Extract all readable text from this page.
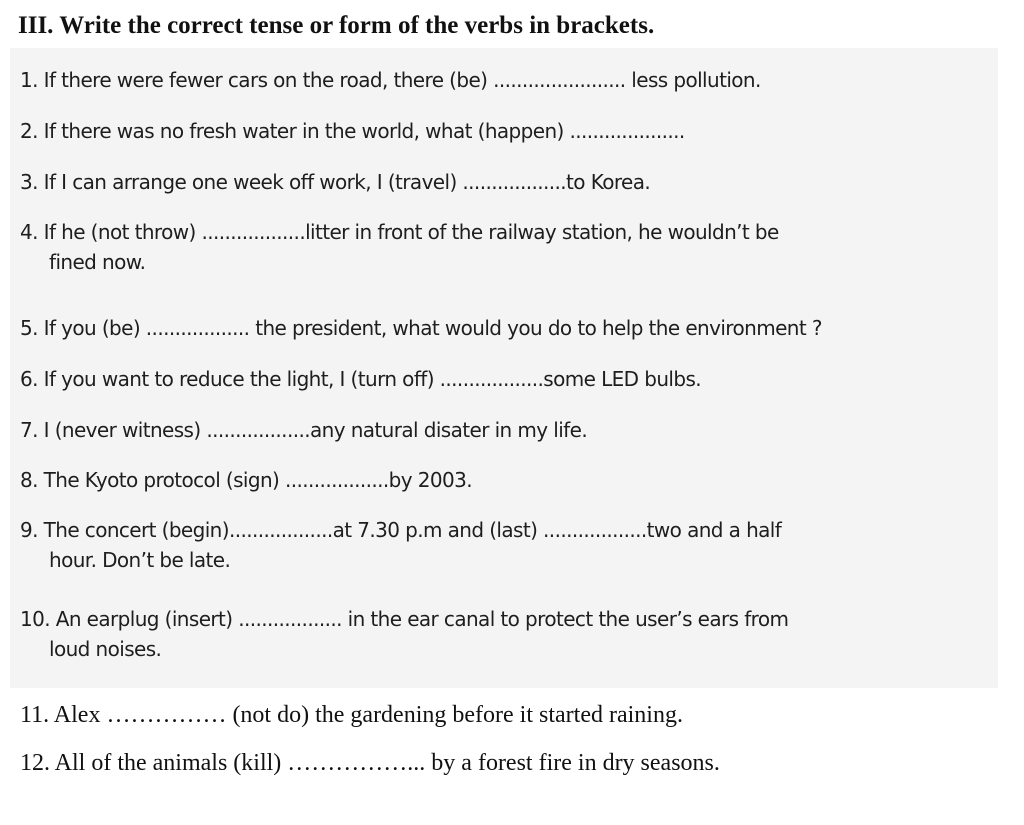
III. Write the correct tense or form of the verbs in brackets.
1. If there were fewer cars on the road, there (be) ....................... less pollution.
2. If there was no fresh water in the world, what (happen) ....................
3. If I can arrange one week off work, I (travel) ..................to Korea.
4. If he (not throw) ..................litter in front of the railway station, he wouldn’t be
fined now.
5. If you (be) .................. the president, what would you do to help the environment ?
6. If you want to reduce the light, I (turn off) ..................some LED bulbs.
7. I (never witness) ..................any natural disater in my life.
8. The Kyoto protocol (sign) ..................by 2003.
9. The concert (begin)..................at 7.30 p.m and (last) ..................two and a half
hour. Don’t be late.
10. An earplug (insert) .................. in the ear canal to protect the user’s ears from
loud noises.
11. Alex …………… (not do) the gardening before it started raining.
12. All of the animals (kill) ……………... by a forest fire in dry seasons.
